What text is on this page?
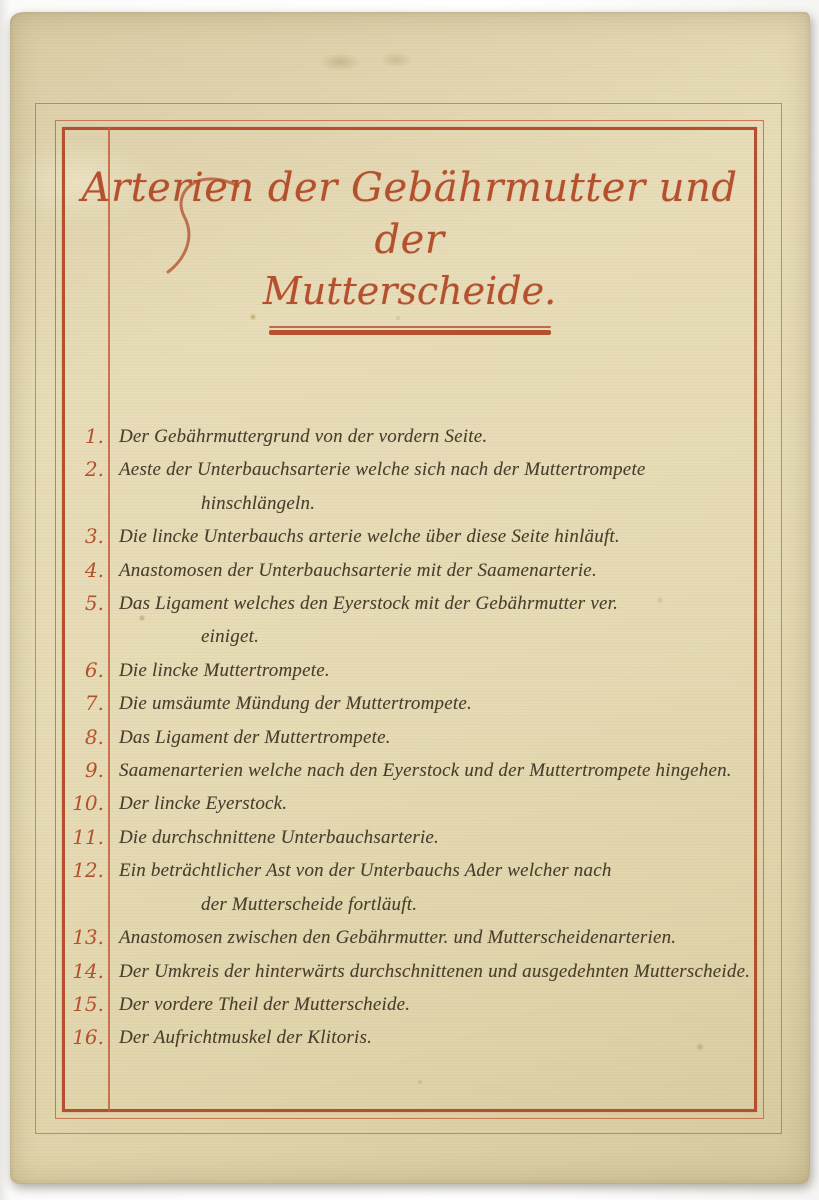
Arterien der Gebährmutter und der
Mutterscheide.
1. Der Gebährmuttergrund von der vordern Seite.
2. Aeste der Unterbauchsarterie welche sich nach der Muttertrompete
hinschlängeln.
3. Die lincke Unterbauchs arterie welche über diese Seite hinläuft.
4. Anastomosen der Unterbauchsarterie mit der Saamenarterie.
5. Das Ligament welches den Eyerstock mit der Gebährmutter ver.
einiget.
6. Die lincke Muttertrompete.
7. Die umsäumte Mündung der Muttertrompete.
8. Das Ligament der Muttertrompete.
9. Saamenarterien welche nach den Eyerstock und der Muttertrompete hingehen.
10. Der lincke Eyerstock.
11. Die durchschnittene Unterbauchsarterie.
12. Ein beträchtlicher Ast von der Unterbauchs Ader welcher nach
der Mutterscheide fortläuft.
13. Anastomosen zwischen den Gebährmutter. und Mutterscheidenarterien.
14. Der Umkreis der hinterwärts durchschnittenen und ausgedehnten Mutterscheide.
15. Der vordere Theil der Mutterscheide.
16. Der Aufrichtmuskel der Klitoris.
